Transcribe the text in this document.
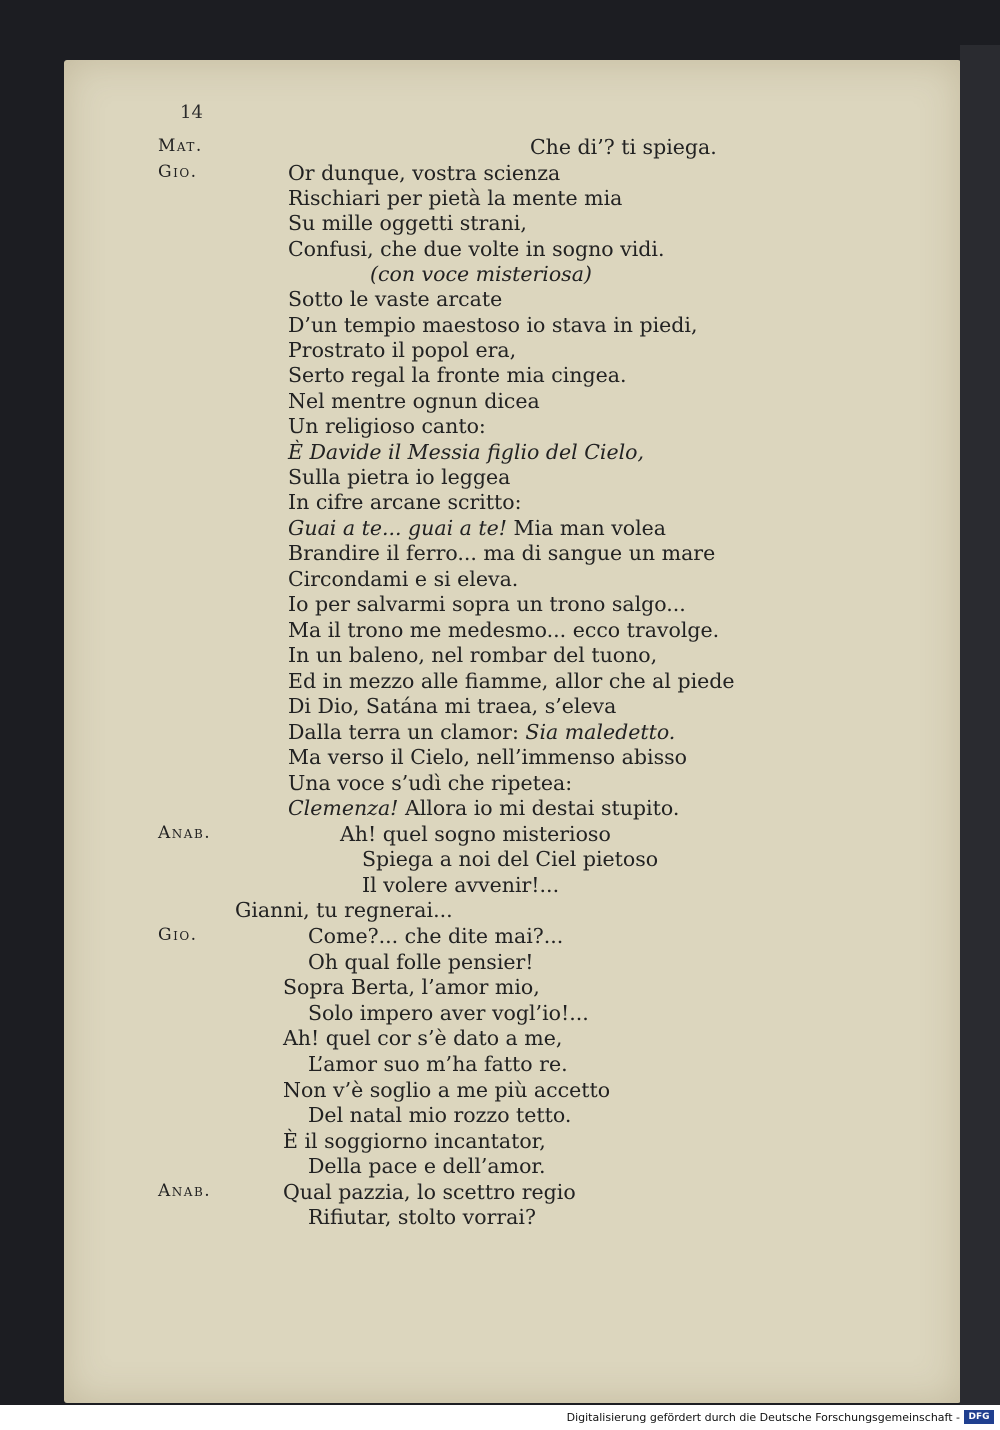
14
Mat.
Gio.
Anab.
Gio.
Anab.
Che di’? ti spiega.
Or dunque, vostra scienza
Rischiari per pietà la mente mia
Su mille oggetti strani,
Confusi, che due volte in sogno vidi.
(con voce misteriosa)
Sotto le vaste arcate
D’un tempio maestoso io stava in piedi,
Prostrato il popol era,
Serto regal la fronte mia cingea.
Nel mentre ognun dicea
Un religioso canto:
È Davide il Messia figlio del Cielo,
Sulla pietra io leggea
In cifre arcane scritto:
Guai a te... guai a te! Mia man volea
Brandire il ferro... ma di sangue un mare
Circondami e si eleva.
Io per salvarmi sopra un trono salgo...
Ma il trono me medesmo... ecco travolge.
In un baleno, nel rombar del tuono,
Ed in mezzo alle fiamme, allor che al piede
Di Dio, Satána mi traea, s’eleva
Dalla terra un clamor: Sia maledetto.
Ma verso il Cielo, nell’immenso abisso
Una voce s’udì che ripetea:
Clemenza! Allora io mi destai stupito.
Ah! quel sogno misterioso
Spiega a noi del Ciel pietoso
Il volere avvenir!...
Gianni, tu regnerai...
Come?... che dite mai?...
Oh qual folle pensier!
Sopra Berta, l’amor mio,
Solo impero aver vogl’io!...
Ah! quel cor s’è dato a me,
L’amor suo m’ha fatto re.
Non v’è soglio a me più accetto
Del natal mio rozzo tetto.
È il soggiorno incantator,
Della pace e dell’amor.
Qual pazzia, lo scettro regio
Rifiutar, stolto vorrai?
Digitalisierung gefördert durch die Deutsche Forschungsgemeinschaft - DFG
